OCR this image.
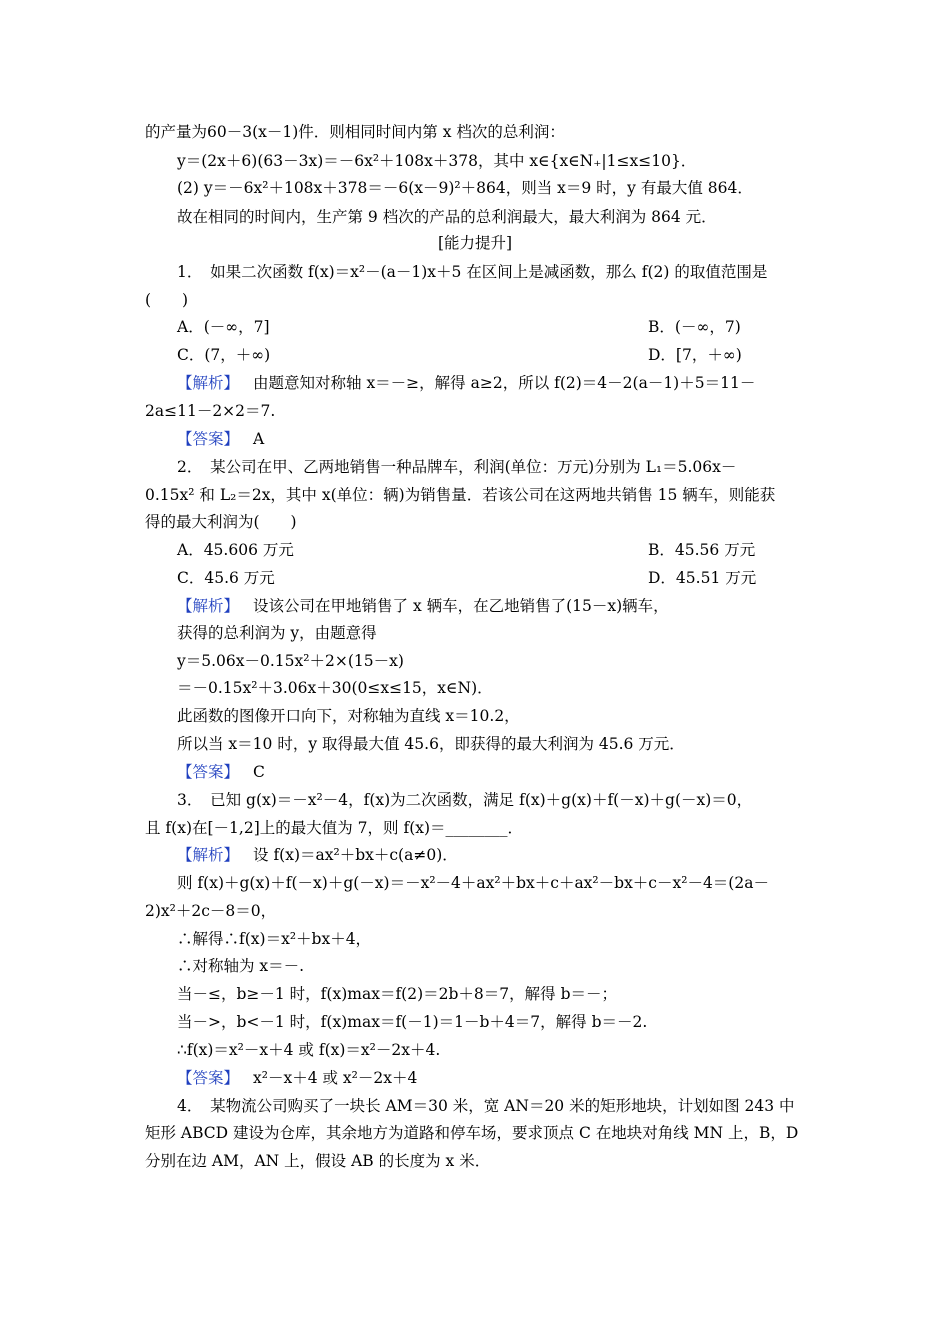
的产量为60－3(x－1)件．则相同时间内第 x 档次的总利润：
y＝(2x＋6)(63－3x)＝－6x²＋108x＋378，其中 x∈{x∈N₊|1≤x≤10}．
(2) y＝－6x²＋108x＋378＝－6(x－9)²＋864，则当 x＝9 时，y 有最大值 864．
故在相同的时间内，生产第 9 档次的产品的总利润最大，最大利润为 864 元．
[能力提升]
1．　如果二次函数 f(x)＝x²－(a－1)x＋5 在区间上是减函数，那么 f(2) 的取值范围是
(　　)
A．(－∞，7]	B．(－∞，7)
C．(7，＋∞)	D．[7，＋∞)
【解析】 由题意知对称轴 x＝－≥，解得 a≥2，所以 f(2)＝4－2(a－1)＋5＝11－
2a≤11－2×2＝7.
【答案】 A
2．　某公司在甲、乙两地销售一种品牌车，利润(单位：万元)分别为 L₁＝5.06x－
0.15x² 和 L₂＝2x，其中 x(单位：辆)为销售量．若该公司在这两地共销售 15 辆车，则能获
得的最大利润为(　　)
A．45.606 万元	B．45.56 万元
C．45.6 万元	D．45.51 万元
【解析】 设该公司在甲地销售了 x 辆车，在乙地销售了(15－x)辆车，
获得的总利润为 y，由题意得
y＝5.06x－0.15x²＋2×(15－x)
＝－0.15x²＋3.06x＋30(0≤x≤15，x∈N)．
此函数的图像开口向下，对称轴为直线 x＝10.2，
所以当 x＝10 时，y 取得最大值 45.6，即获得的最大利润为 45.6 万元．
【答案】 C
3．　已知 g(x)＝－x²－4，f(x)为二次函数，满足 f(x)＋g(x)＋f(－x)＋g(－x)＝0，
且 f(x)在[－1,2]上的最大值为 7，则 f(x)＝________．
【解析】 设 f(x)＝ax²＋bx＋c(a≠0)．
则 f(x)＋g(x)＋f(－x)＋g(－x)＝－x²－4＋ax²＋bx＋c＋ax²－bx＋c－x²－4＝(2a－
2)x²＋2c－8＝0，
∴解得∴f(x)＝x²＋bx＋4，
∴对称轴为 x＝－.
当－≤，b≥－1 时，f(x)max＝f(2)＝2b＋8＝7，解得 b＝－；
当－>，b<－1 时，f(x)max＝f(－1)＝1－b＋4＝7，解得 b＝－2.
∴f(x)＝x²－x＋4 或 f(x)＝x²－2x＋4.
【答案】 x²－x＋4 或 x²－2x＋4
4．　某物流公司购买了一块长 AM＝30 米，宽 AN＝20 米的矩形地块，计划如图 243 中
矩形 ABCD 建设为仓库，其余地方为道路和停车场，要求顶点 C 在地块对角线 MN 上，B，D
分别在边 AM，AN 上，假设 AB 的长度为 x 米．
